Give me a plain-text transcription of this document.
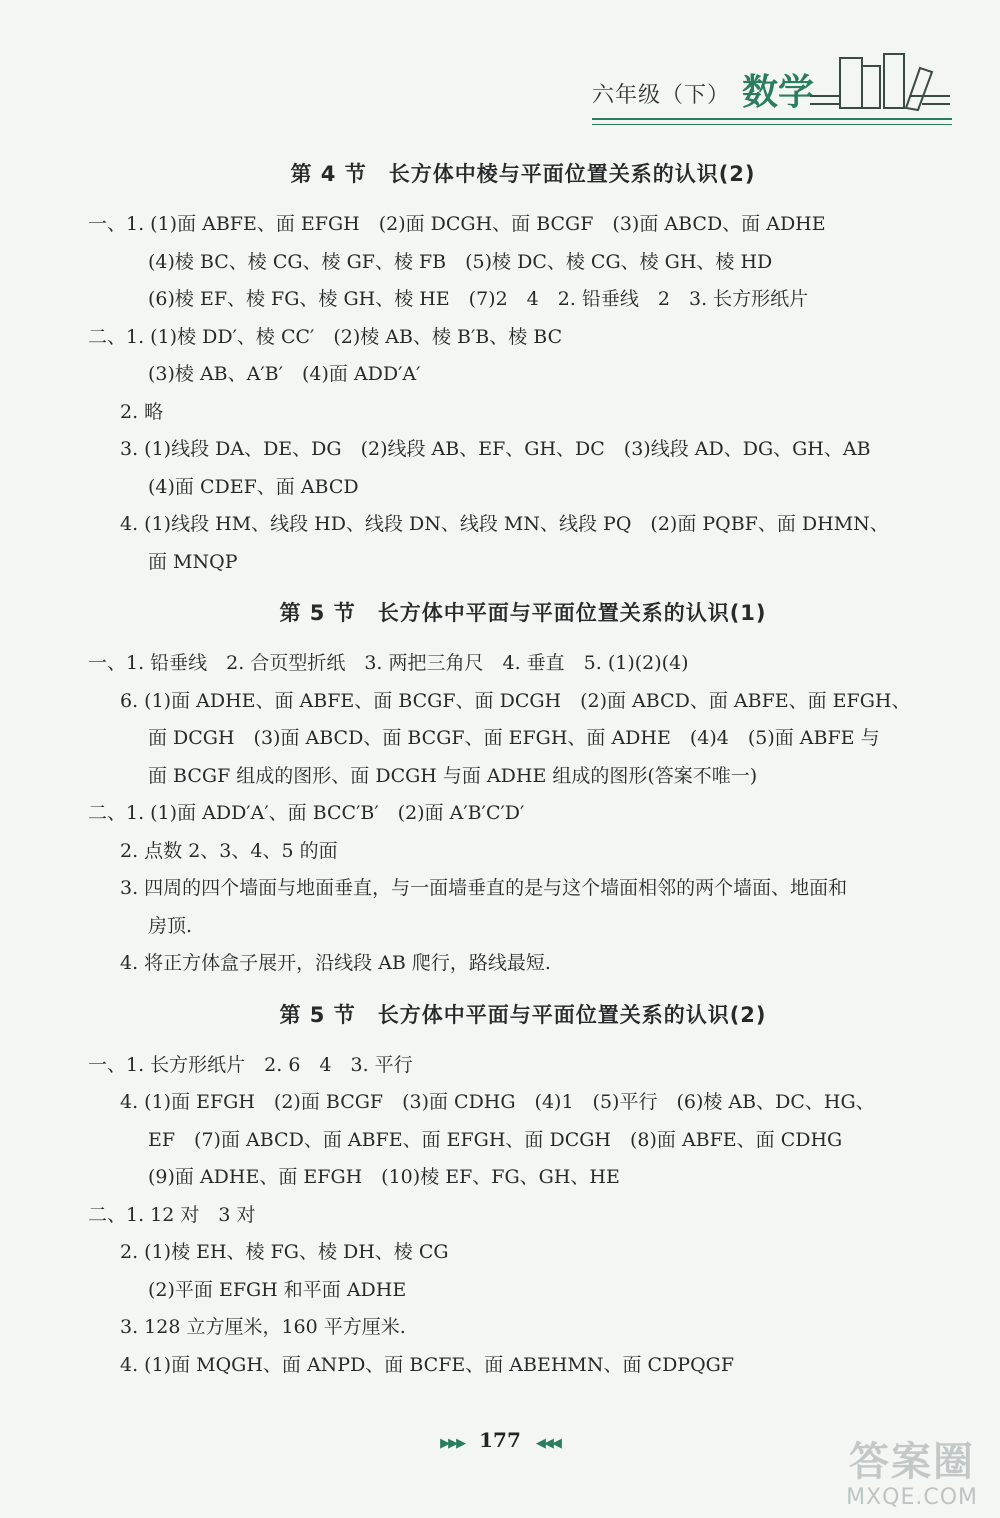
六年级（下） 数学
第 4 节　长方体中棱与平面位置关系的认识(2)
一、1. (1)面 ABFE、面 EFGH　(2)面 DCGH、面 BCGF　(3)面 ABCD、面 ADHE
(4)棱 BC、棱 CG、棱 GF、棱 FB　(5)棱 DC、棱 CG、棱 GH、棱 HD
(6)棱 EF、棱 FG、棱 GH、棱 HE　(7)2　4　2. 铅垂线　2　3. 长方形纸片
二、1. (1)棱 DD′、棱 CC′　(2)棱 AB、棱 B′B、棱 BC
(3)棱 AB、A′B′　(4)面 ADD′A′
2. 略
3. (1)线段 DA、DE、DG　(2)线段 AB、EF、GH、DC　(3)线段 AD、DG、GH、AB
(4)面 CDEF、面 ABCD
4. (1)线段 HM、线段 HD、线段 DN、线段 MN、线段 PQ　(2)面 PQBF、面 DHMN、
面 MNQP
第 5 节　长方体中平面与平面位置关系的认识(1)
一、1. 铅垂线　2. 合页型折纸　3. 两把三角尺　4. 垂直　5. (1)(2)(4)
6. (1)面 ADHE、面 ABFE、面 BCGF、面 DCGH　(2)面 ABCD、面 ABFE、面 EFGH、
面 DCGH　(3)面 ABCD、面 BCGF、面 EFGH、面 ADHE　(4)4　(5)面 ABFE 与
面 BCGF 组成的图形、面 DCGH 与面 ADHE 组成的图形(答案不唯一)
二、1. (1)面 ADD′A′、面 BCC′B′　(2)面 A′B′C′D′
2. 点数 2、3、4、5 的面
3. 四周的四个墙面与地面垂直，与一面墙垂直的是与这个墙面相邻的两个墙面、地面和
房顶.
4. 将正方体盒子展开，沿线段 AB 爬行，路线最短.
第 5 节　长方体中平面与平面位置关系的认识(2)
一、1. 长方形纸片　2. 6　4　3. 平行
4. (1)面 EFGH　(2)面 BCGF　(3)面 CDHG　(4)1　(5)平行　(6)棱 AB、DC、HG、
EF　(7)面 ABCD、面 ABFE、面 EFGH、面 DCGH　(8)面 ABFE、面 CDHG
(9)面 ADHE、面 EFGH　(10)棱 EF、FG、GH、HE
二、1. 12 对　3 对
2. (1)棱 EH、棱 FG、棱 DH、棱 CG
(2)平面 EFGH 和平面 ADHE
3. 128 立方厘米，160 平方厘米.
4. (1)面 MQGH、面 ANPD、面 BCFE、面 ABEHMN、面 CDPQGF
▶▶▶ 177 ◀◀◀	答案圈
MXQE.COM
